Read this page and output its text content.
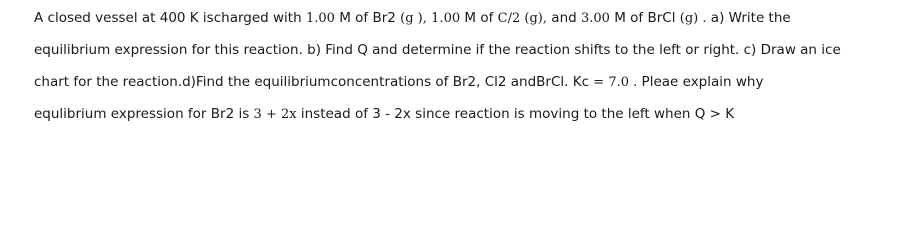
A closed vessel at 400 K ischarged with 1.00 M of Br2 (g ), 1.00 M of C/2 (g), and 3.00 M of BrCl (g) . a) Write the
equilibrium expression for this reaction. b) Find Q and determine if the reaction shifts to the left or right. c) Draw an ice
chart for the reaction.d)Find the equilibriumconcentrations of Br2, Cl2 andBrCl. Kc = 7.0 . Pleae explain why
equlibrium expression for Br2 is 3 + 2x instead of 3 - 2x since reaction is moving to the left when Q > K
